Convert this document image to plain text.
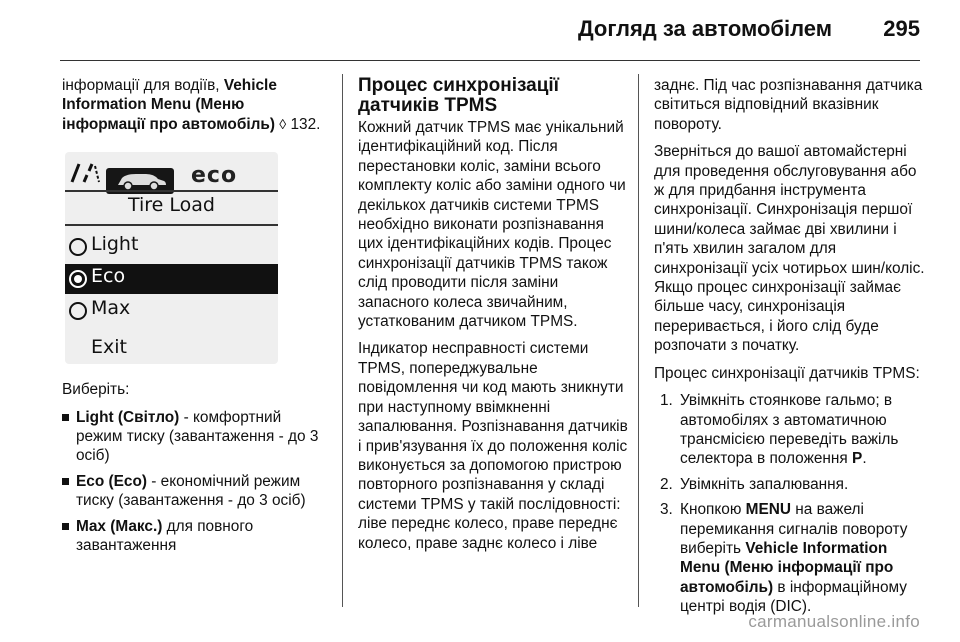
Догляд за автомобілем 295

інформації для водіїв, Vehicle Information Menu (Меню інформації про автомобіль) ◊ 132.

eco
Tire Load
Light
Eco
Max
Exit

Виберіть:

Light (Світло) - комфортний режим тиску (завантаження - до 3 осіб)
Eco (Eco) - економічний режим тиску (завантаження - до 3 осіб)
Max (Макс.) для повного завантаження
Процес синхронізації датчиків TPMS

Кожний датчик TPMS має унікальний ідентифікаційний код. Після перестановки коліс, заміни всього комплекту коліс або заміни одного чи декількох датчиків системи TPMS необхідно виконати розпізнавання цих ідентифікаційних кодів. Процес синхронізації датчиків TPMS також слід проводити після заміни запасного колеса звичайним, устаткованим датчиком TPMS.

Індикатор несправності системи TPMS, попереджувальне повідомлення чи код мають зникнути при наступному ввімкненні запалювання. Розпізнавання датчиків і прив'язування їх до положення коліс виконується за допомогою пристрою повторного розпізнавання у складі системи TPMS у такій послідовності: ліве переднє колесо, праве переднє колесо, праве заднє колесо і ліве

заднє. Під час розпізнавання датчика світиться відповідний вказівник повороту.

Зверніться до вашої автомайстерні для проведення обслуговування або ж для придбання інструмента синхронізації. Синхронізація першої шини/колеса займає дві хвилини і п'ять хвилин загалом для синхронізації усіх чотирьох шин/коліс. Якщо процес синхронізації займає більше часу, синхронізація переривається, і його слід буде розпочати з початку.

Процес синхронізації датчиків TPMS:

1. Увімкніть стоянкове гальмо; в автомобілях з автоматичною трансмісією переведіть важіль селектора в положення P.
2. Увімкніть запалювання.
3. Кнопкою MENU на важелі перемикання сигналів повороту виберіть Vehicle Information Menu (Меню інформації про автомобіль) в інформаційному центрі водія (DIC).
carmanualsonline.info
